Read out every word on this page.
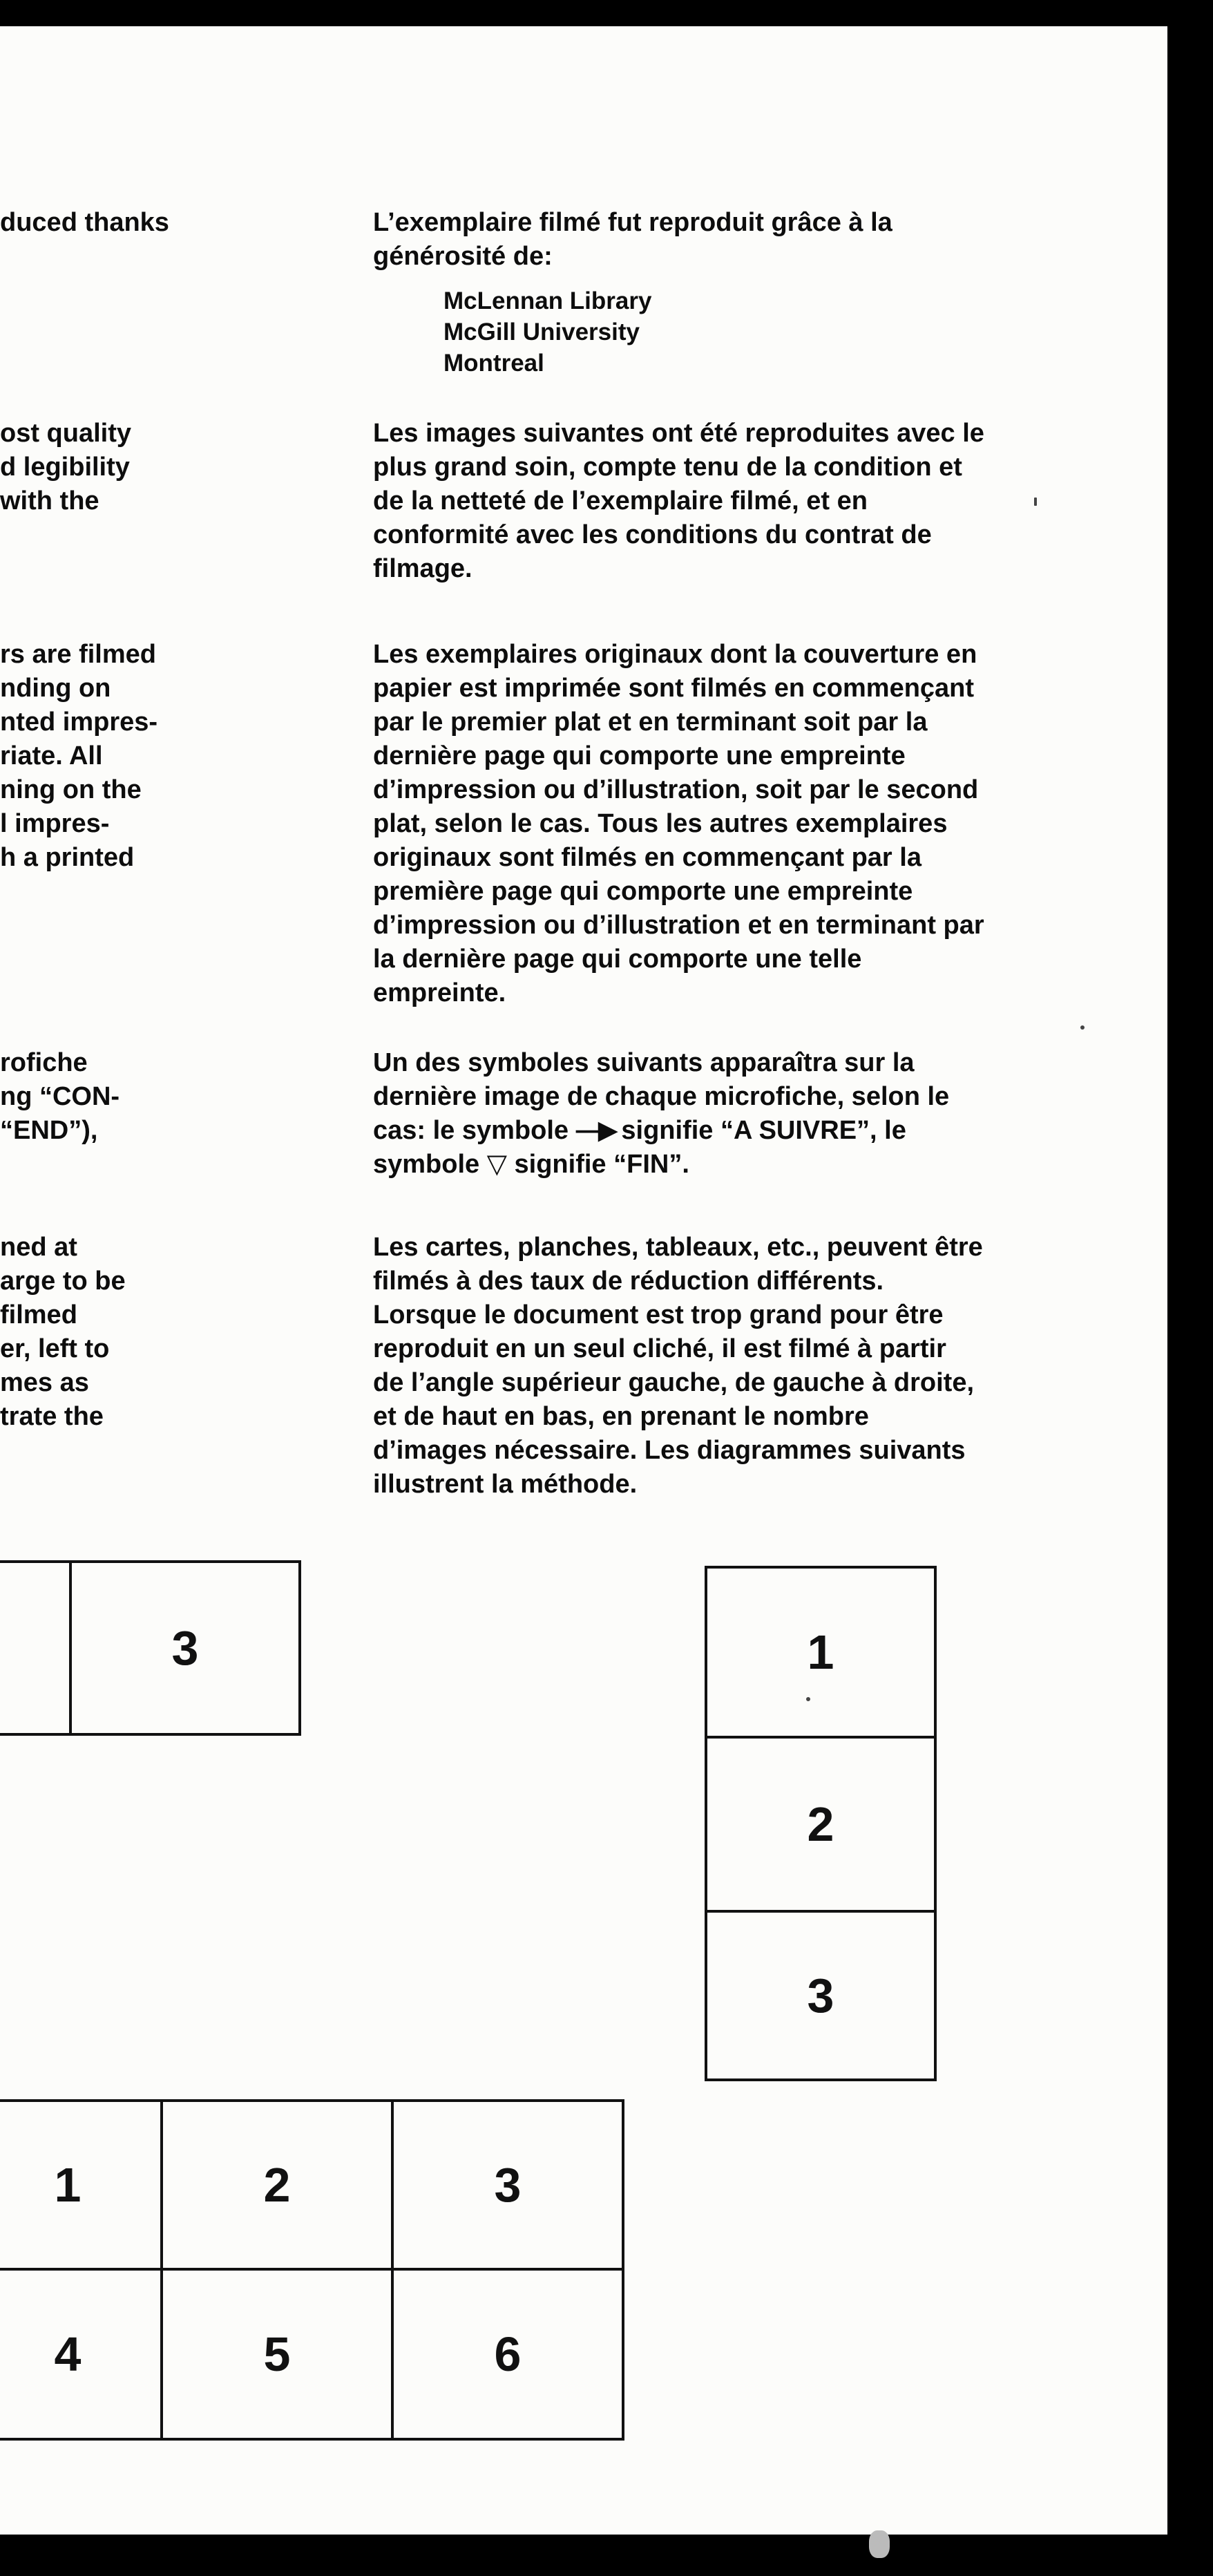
duced thanks
ost quality
d legibility
with the
rs are filmed
nding on
nted impres-
riate. All
ning on the
l impres-
h a printed
rofiche
ng “CON-
“END”),
ned at
arge to be
filmed
er, left to
mes as
trate the
L’exemplaire filmé fut reproduit grâce à la
générosité de:
McLennan Library
McGill University
Montreal
Les images suivantes ont été reproduites avec le
plus grand soin, compte tenu de la condition et
de la netteté de l’exemplaire filmé, et en
conformité avec les conditions du contrat de
filmage.
Les exemplaires originaux dont la couverture en
papier est imprimée sont filmés en commençant
par le premier plat et en terminant soit par la
dernière page qui comporte une empreinte
d’impression ou d’illustration, soit par le second
plat, selon le cas. Tous les autres exemplaires
originaux sont filmés en commençant par la
première page qui comporte une empreinte
d’impression ou d’illustration et en terminant par
la dernière page qui comporte une telle
empreinte.
Un des symboles suivants apparaîtra sur la
dernière image de chaque microfiche, selon le
cas: le symbole —▶ signifie “A SUIVRE”, le
symbole ▽ signifie “FIN”.
Les cartes, planches, tableaux, etc., peuvent être
filmés à des taux de réduction différents.
Lorsque le document est trop grand pour être
reproduit en un seul cliché, il est filmé à partir
de l’angle supérieur gauche, de gauche à droite,
et de haut en bas, en prenant le nombre
d’images nécessaire. Les diagrammes suivants
illustrent la méthode.
3	1
2
3
1	2	3
4	5	6
